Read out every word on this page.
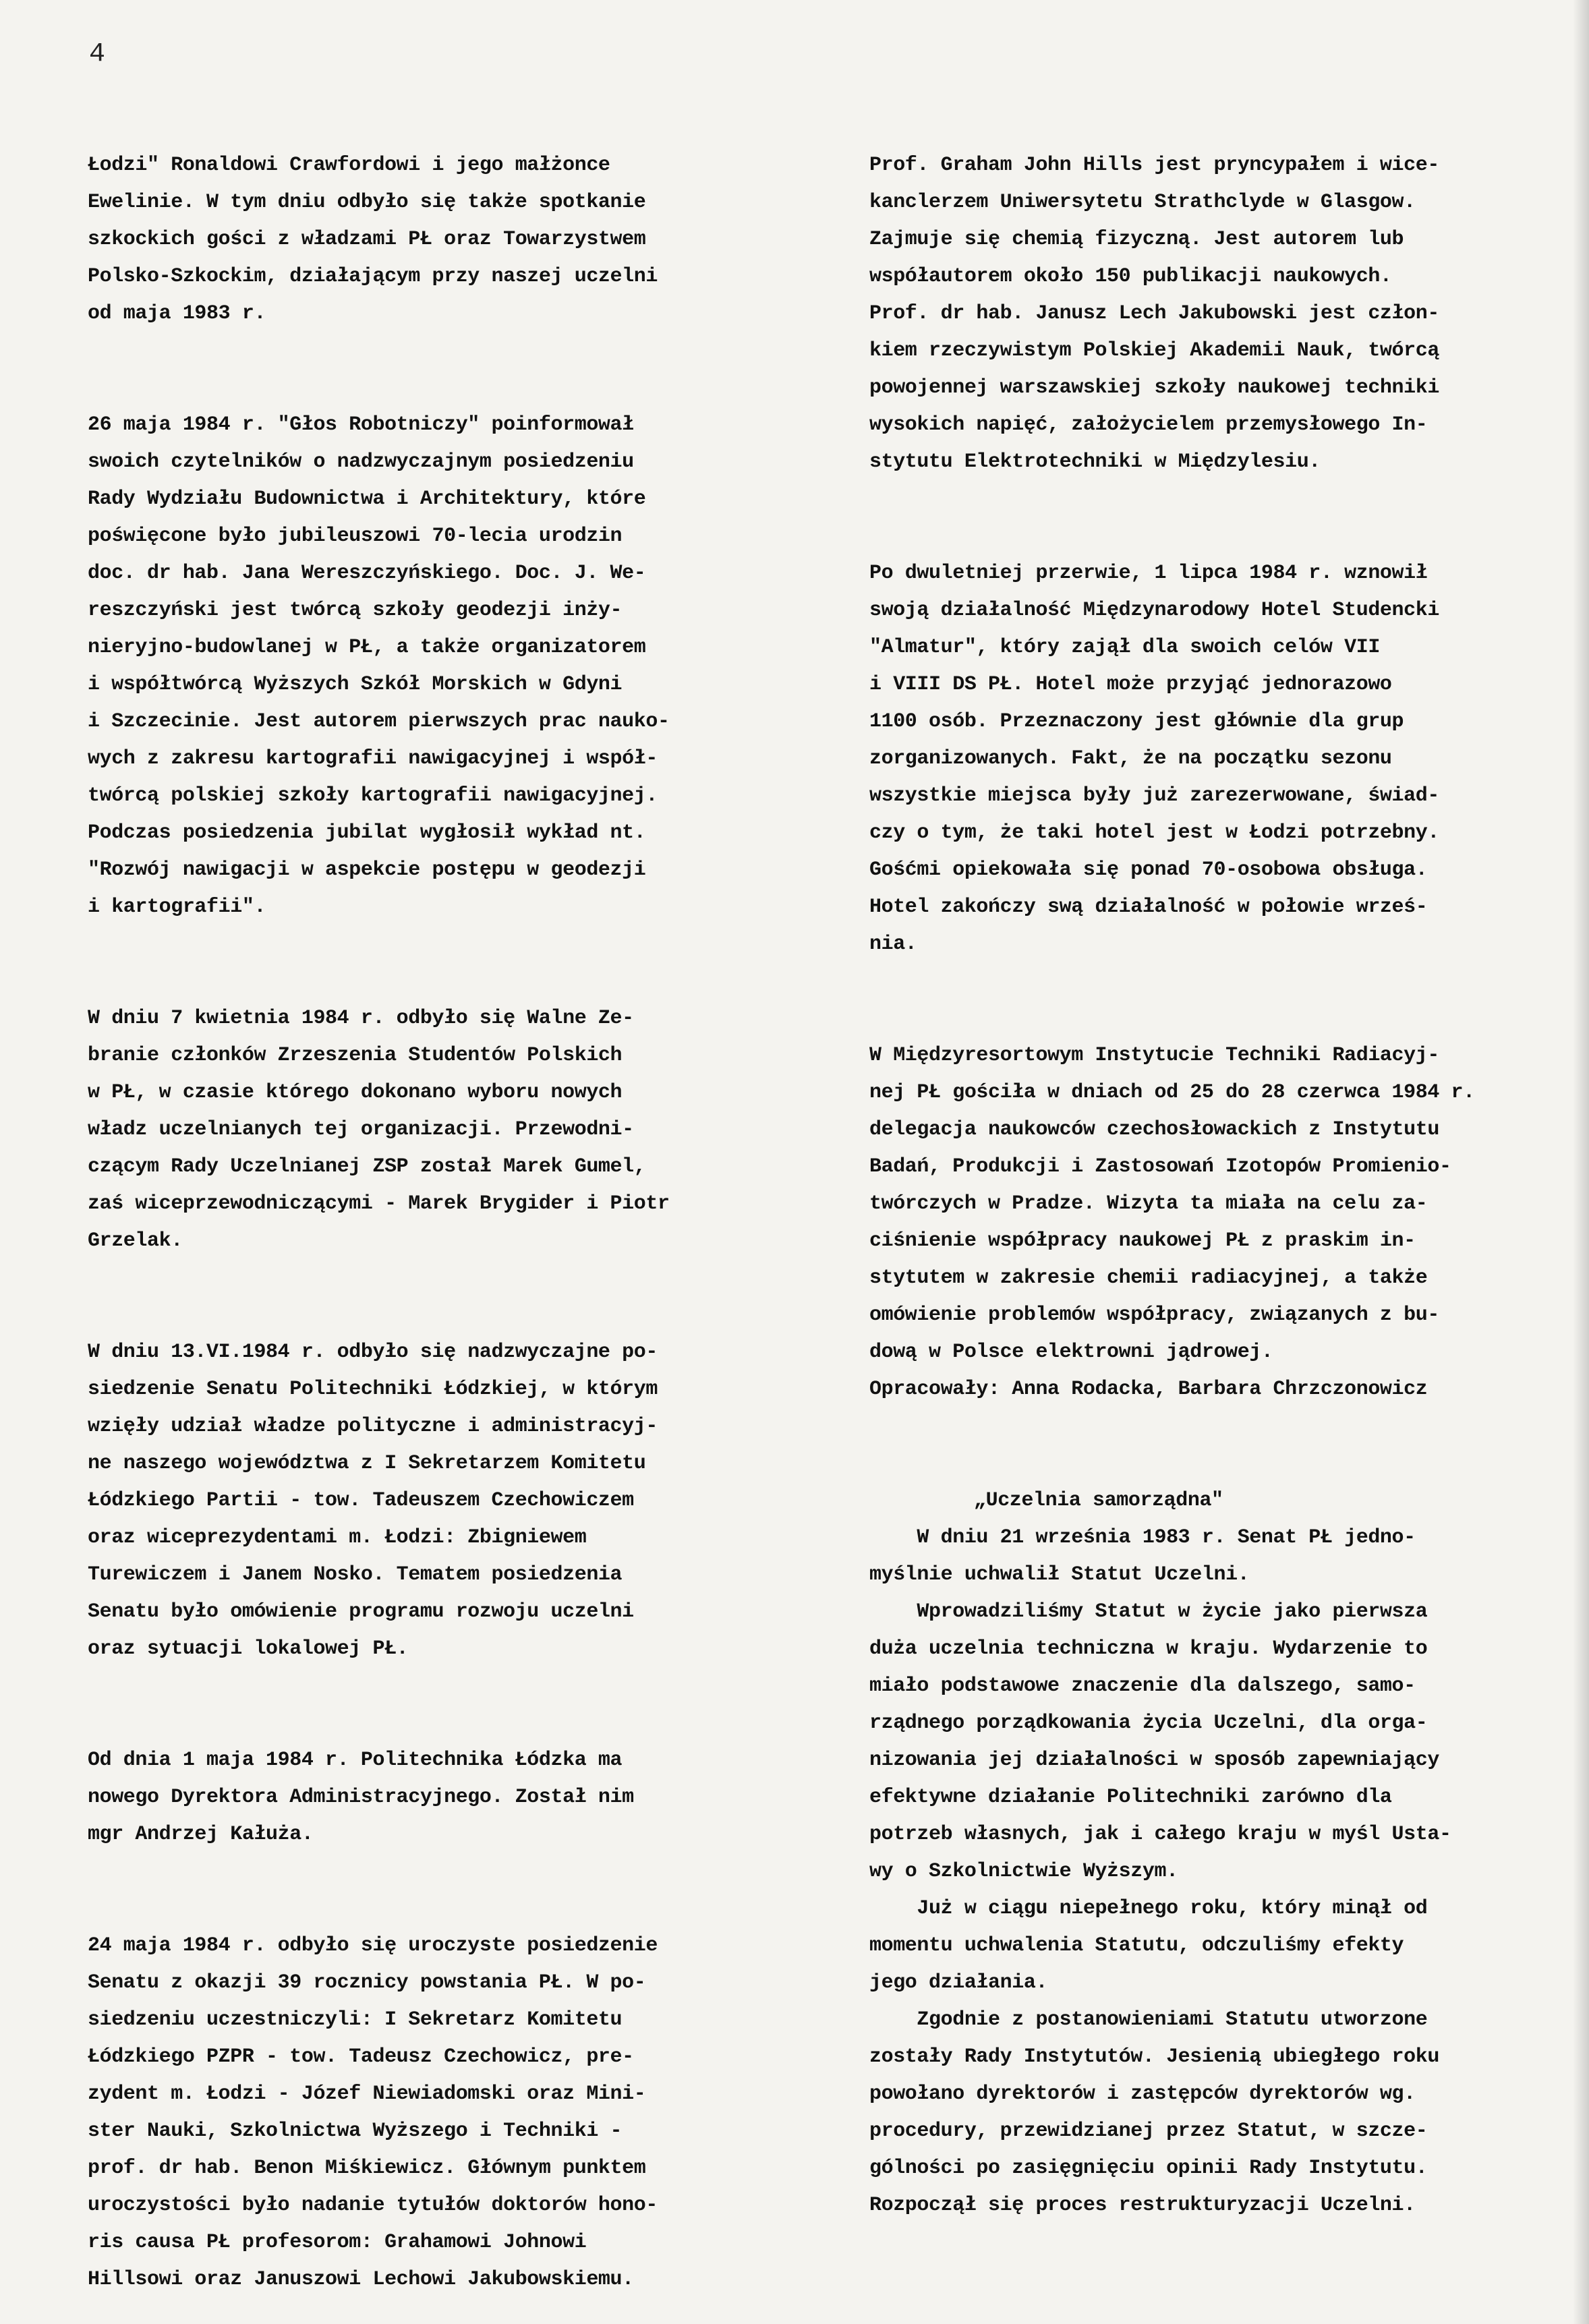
4

Łodzi" Ronaldowi Crawfordowi i jego małżonce
Ewelinie. W tym dniu odbyło się także spotkanie
szkockich gości z władzami PŁ oraz Towarzystwem
Polsko-Szkockim, działającym przy naszej uczelni
od maja 1983 r.

26 maja 1984 r. "Głos Robotniczy" poinformował
swoich czytelników o nadzwyczajnym posiedzeniu
Rady Wydziału Budownictwa i Architektury, które
poświęcone było jubileuszowi 70-lecia urodzin
doc. dr hab. Jana Wereszczyńskiego. Doc. J. We-
reszczyński jest twórcą szkoły geodezji inży-
nieryjno-budowlanej w PŁ, a także organizatorem
i współtwórcą Wyższych Szkół Morskich w Gdyni
i Szczecinie. Jest autorem pierwszych prac nauko-
wych z zakresu kartografii nawigacyjnej i współ-
twórcą polskiej szkoły kartografii nawigacyjnej.
Podczas posiedzenia jubilat wygłosił wykład nt.
"Rozwój nawigacji w aspekcie postępu w geodezji
i kartografii".

W dniu 7 kwietnia 1984 r. odbyło się Walne Ze-
branie członków Zrzeszenia Studentów Polskich
w PŁ, w czasie którego dokonano wyboru nowych
władz uczelnianych tej organizacji. Przewodni-
czącym Rady Uczelnianej ZSP został Marek Gumel,
zaś wiceprzewodniczącymi - Marek Brygider i Piotr
Grzelak.

W dniu 13.VI.1984 r. odbyło się nadzwyczajne po-
siedzenie Senatu Politechniki Łódzkiej, w którym
wzięły udział władze polityczne i administracyj-
ne naszego województwa z I Sekretarzem Komitetu
Łódzkiego Partii - tow. Tadeuszem Czechowiczem
oraz wiceprezydentami m. Łodzi: Zbigniewem
Turewiczem i Janem Nosko. Tematem posiedzenia
Senatu było omówienie programu rozwoju uczelni
oraz sytuacji lokalowej PŁ.

Od dnia 1 maja 1984 r. Politechnika Łódzka ma
nowego Dyrektora Administracyjnego. Został nim
mgr Andrzej Kałuża.

24 maja 1984 r. odbyło się uroczyste posiedzenie
Senatu z okazji 39 rocznicy powstania PŁ. W po-
siedzeniu uczestniczyli: I Sekretarz Komitetu
Łódzkiego PZPR - tow. Tadeusz Czechowicz, pre-
zydent m. Łodzi - Józef Niewiadomski oraz Mini-
ster Nauki, Szkolnictwa Wyższego i Techniki -
prof. dr hab. Benon Miśkiewicz. Głównym punktem
uroczystości było nadanie tytułów doktorów hono-
ris causa PŁ profesorom: Grahamowi Johnowi
Hillsowi oraz Januszowi Lechowi Jakubowskiemu.

Prof. Graham John Hills jest pryncypałem i wice-
kanclerzem Uniwersytetu Strathclyde w Glasgow.
Zajmuje się chemią fizyczną. Jest autorem lub
współautorem około 150 publikacji naukowych.
Prof. dr hab. Janusz Lech Jakubowski jest człon-
kiem rzeczywistym Polskiej Akademii Nauk, twórcą
powojennej warszawskiej szkoły naukowej techniki
wysokich napięć, założycielem przemysłowego In-
stytutu Elektrotechniki w Międzylesiu.

Po dwuletniej przerwie, 1 lipca 1984 r. wznowił
swoją działalność Międzynarodowy Hotel Studencki
"Almatur", który zajął dla swoich celów VII
i VIII DS PŁ. Hotel może przyjąć jednorazowo
1100 osób. Przeznaczony jest głównie dla grup
zorganizowanych. Fakt, że na początku sezonu
wszystkie miejsca były już zarezerwowane, świad-
czy o tym, że taki hotel jest w Łodzi potrzebny.
Gośćmi opiekowała się ponad 70-osobowa obsługa.
Hotel zakończy swą działalność w połowie wrześ-
nia.

W Międzyresortowym Instytucie Techniki Radiacyj-
nej PŁ gościła w dniach od 25 do 28 czerwca 1984 r.
delegacja naukowców czechosłowackich z Instytutu
Badań, Produkcji i Zastosowań Izotopów Promienio-
twórczych w Pradze. Wizyta ta miała na celu za-
ciśnienie współpracy naukowej PŁ z praskim in-
stytutem w zakresie chemii radiacyjnej, a także
omówienie problemów współpracy, związanych z bu-
dową w Polsce elektrowni jądrowej.
Opracowały: Anna Rodacka, Barbara Chrzczonowicz

„Uczelnia samorządna"

W dniu 21 września 1983 r. Senat PŁ jedno-
myślnie uchwalił Statut Uczelni.

Wprowadziliśmy Statut w życie jako pierwsza
duża uczelnia techniczna w kraju. Wydarzenie to
miało podstawowe znaczenie dla dalszego, samo-
rządnego porządkowania życia Uczelni, dla orga-
nizowania jej działalności w sposób zapewniający
efektywne działanie Politechniki zarówno dla
potrzeb własnych, jak i całego kraju w myśl Usta-
wy o Szkolnictwie Wyższym.

Już w ciągu niepełnego roku, który minął od
momentu uchwalenia Statutu, odczuliśmy efekty
jego działania.

Zgodnie z postanowieniami Statutu utworzone
zostały Rady Instytutów. Jesienią ubiegłego roku
powołano dyrektorów i zastępców dyrektorów wg.
procedury, przewidzianej przez Statut, w szcze-
gólności po zasięgnięciu opinii Rady Instytutu.
Rozpoczął się proces restrukturyzacji Uczelni.
